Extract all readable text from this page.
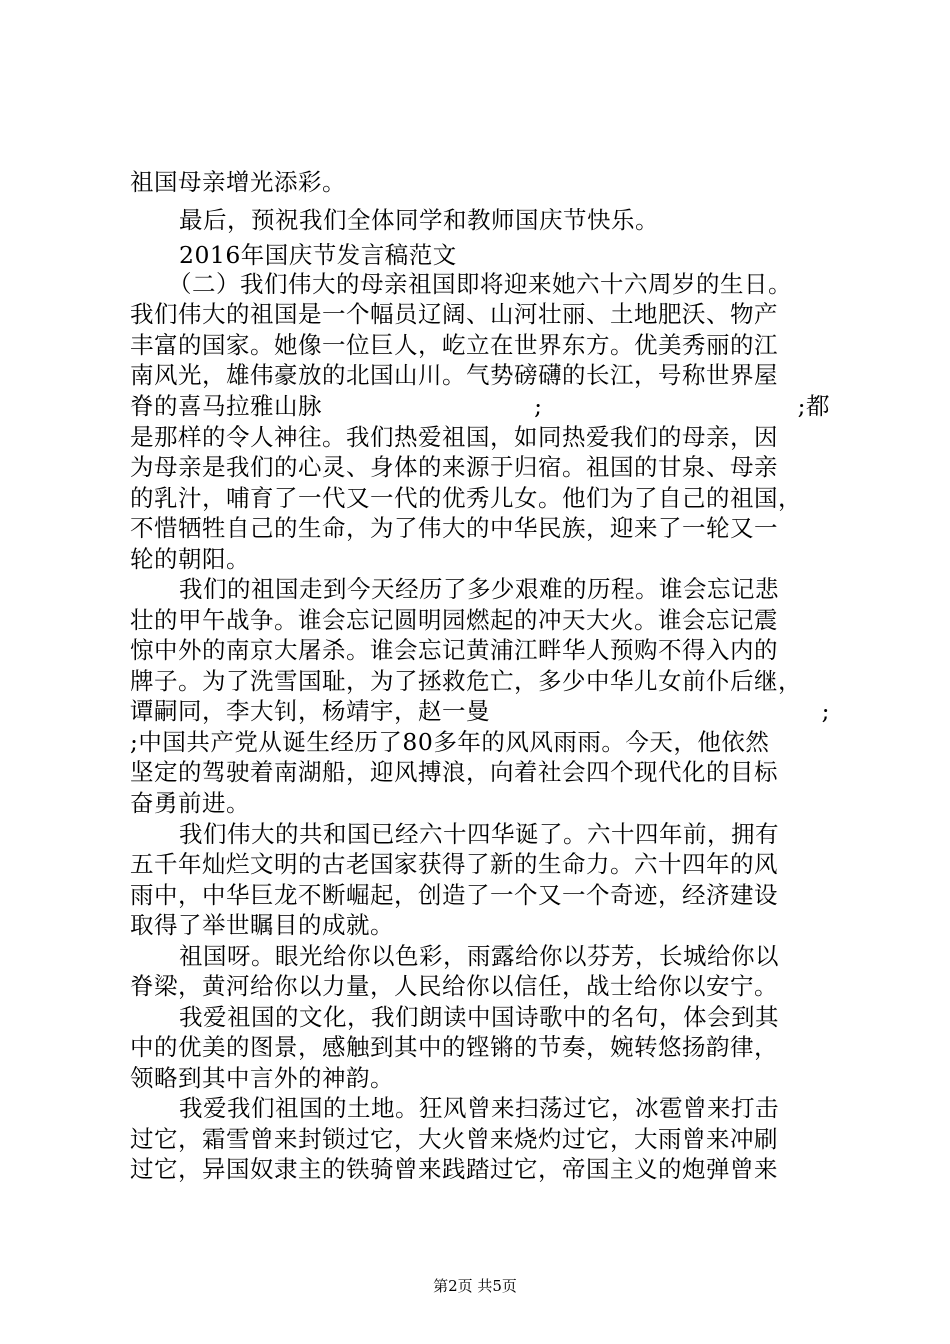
祖国母亲增光添彩。
最后，预祝我们全体同学和教师国庆节快乐。
2016年国庆节发言稿范文
（二）我们伟大的母亲祖国即将迎来她六十六周岁的生日。
我们伟大的祖国是一个幅员辽阔、山河壮丽、土地肥沃、物产
丰富的国家。她像一位巨人，屹立在世界东方。优美秀丽的江
南风光，雄伟豪放的北国山川。气势磅礴的长江，号称世界屋
脊的喜马拉雅山脉	;	;都
是那样的令人神往。我们热爱祖国，如同热爱我们的母亲，因
为母亲是我们的心灵、身体的来源于归宿。祖国的甘泉、母亲
的乳汁，哺育了一代又一代的优秀儿女。他们为了自己的祖国，
不惜牺牲自己的生命，为了伟大的中华民族，迎来了一轮又一
轮的朝阳。
我们的祖国走到今天经历了多少艰难的历程。谁会忘记悲
壮的甲午战争。谁会忘记圆明园燃起的冲天大火。谁会忘记震
惊中外的南京大屠杀。谁会忘记黄浦江畔华人预购不得入内的
牌子。为了洗雪国耻，为了拯救危亡，多少中华儿女前仆后继，
谭嗣同，李大钊，杨靖宇，赵一曼	;
;中国共产党从诞生经历了80多年的风风雨雨。今天，他依然
坚定的驾驶着南湖船，迎风搏浪，向着社会四个现代化的目标
奋勇前进。
我们伟大的共和国已经六十四华诞了。六十四年前，拥有
五千年灿烂文明的古老国家获得了新的生命力。六十四年的风
雨中，中华巨龙不断崛起，创造了一个又一个奇迹，经济建设
取得了举世瞩目的成就。
祖国呀。眼光给你以色彩，雨露给你以芬芳，长城给你以
脊梁，黄河给你以力量，人民给你以信任，战士给你以安宁。
我爱祖国的文化，我们朗读中国诗歌中的名句，体会到其
中的优美的图景，感触到其中的铿锵的节奏，婉转悠扬韵律，
领略到其中言外的神韵。
我爱我们祖国的土地。狂风曾来扫荡过它，冰雹曾来打击
过它，霜雪曾来封锁过它，大火曾来烧灼过它，大雨曾来冲刷
过它，异国奴隶主的铁骑曾来践踏过它，帝国主义的炮弹曾来
第2页 共5页
